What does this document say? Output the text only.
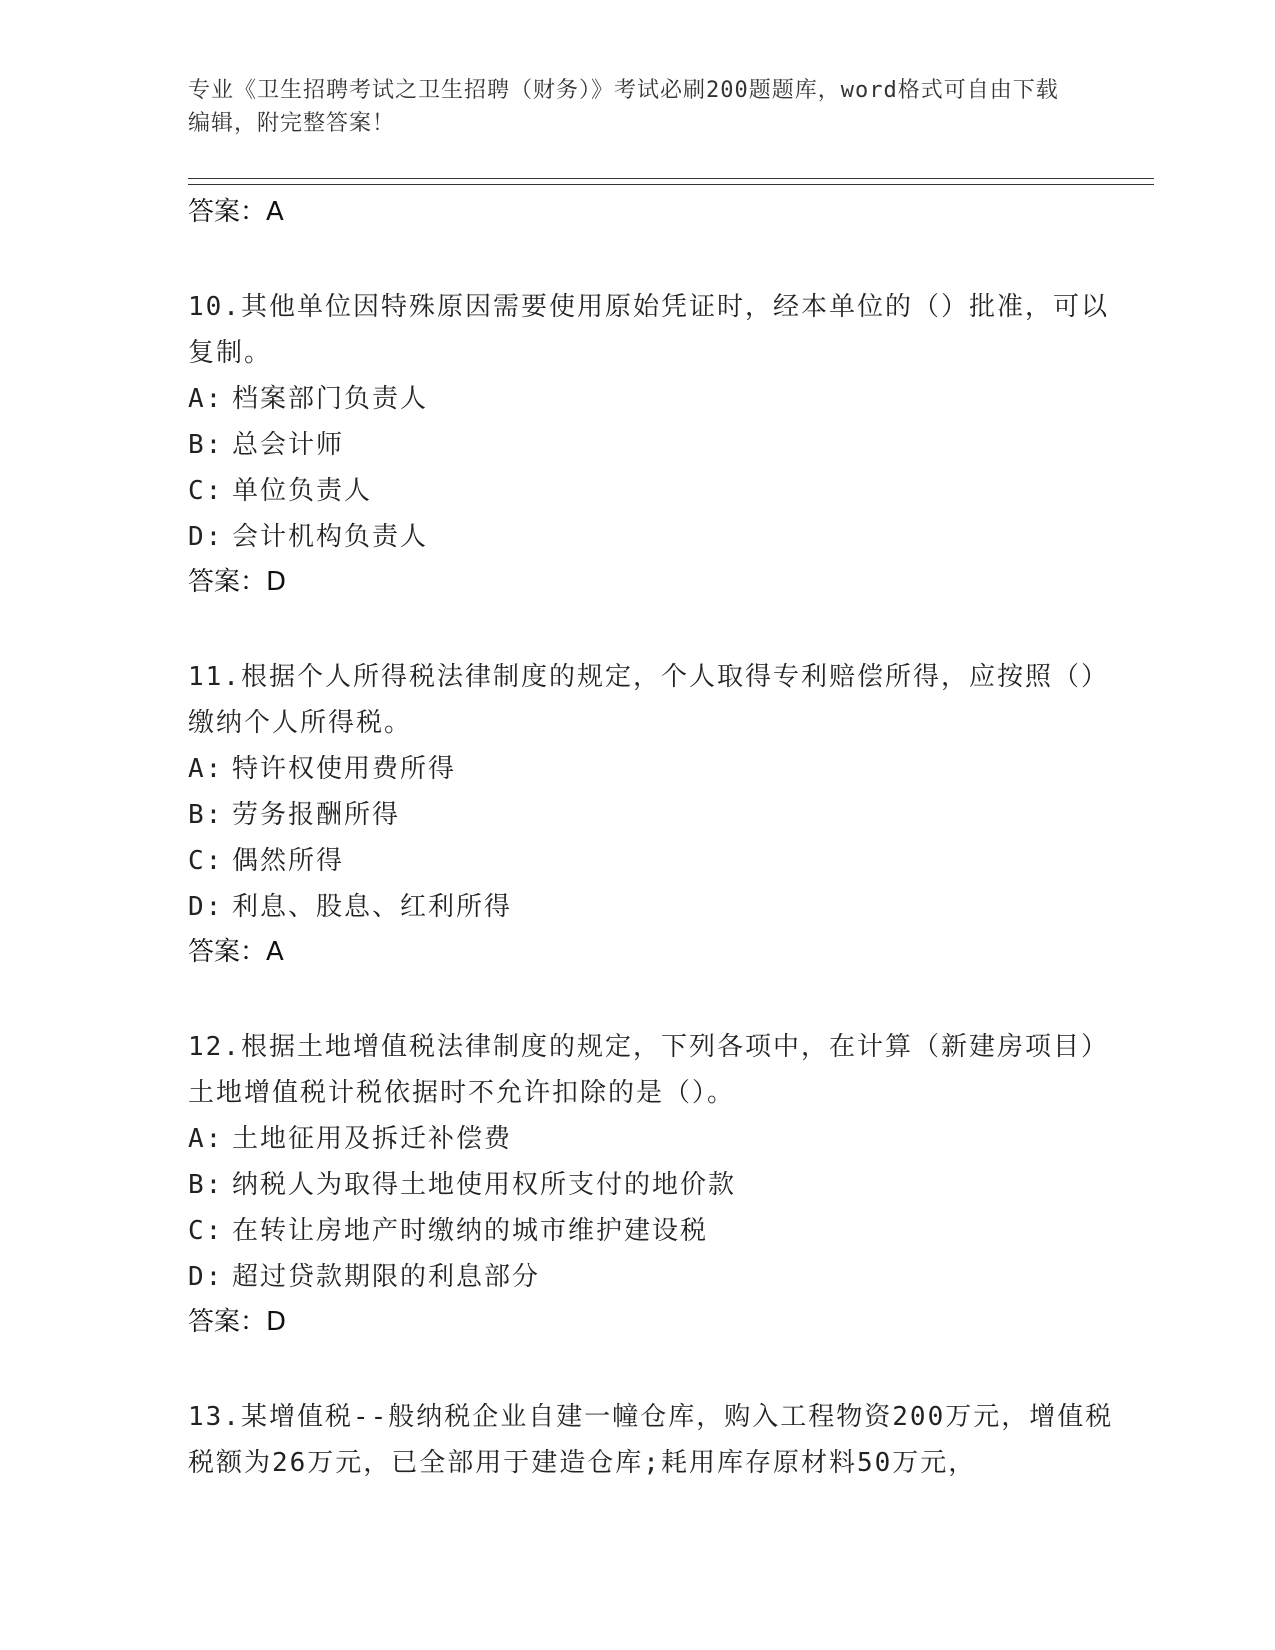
专业《卫生招聘考试之卫生招聘（财务）》考试必刷200题题库，word格式可自由下载编辑，附完整答案！
答案：A
10.其他单位因特殊原因需要使用原始凭证时，经本单位的（）批准，可以复制。
A: 档案部门负责人
B: 总会计师
C: 单位负责人
D: 会计机构负责人
答案：D
11.根据个人所得税法律制度的规定，个人取得专利赔偿所得，应按照（）缴纳个人所得税。
A: 特许权使用费所得
B: 劳务报酬所得
C: 偶然所得
D: 利息、股息、红利所得
答案：A
12.根据土地增值税法律制度的规定，下列各项中，在计算（新建房项目）土地增值税计税依据时不允许扣除的是（）。
A: 土地征用及拆迁补偿费
B: 纳税人为取得土地使用权所支付的地价款
C: 在转让房地产时缴纳的城市维护建设税
D: 超过贷款期限的利息部分
答案：D
13.某增值税--般纳税企业自建一幢仓库，购入工程物资200万元，增值税税额为26万元，已全部用于建造仓库;耗用库存原材料50万元，
